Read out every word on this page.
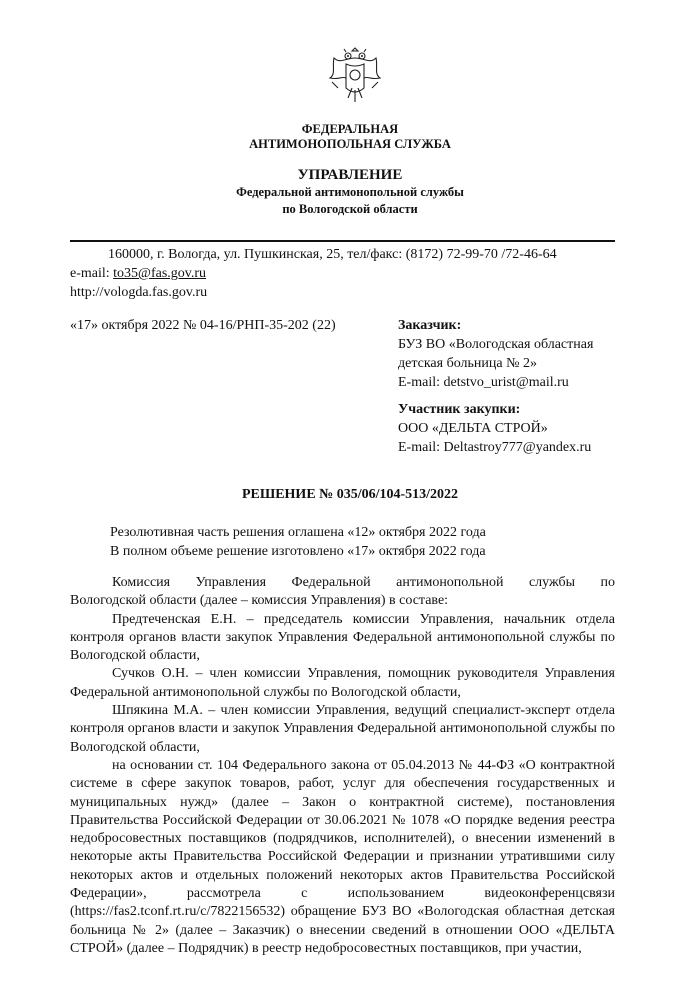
ФЕДЕРАЛЬНАЯ
АНТИМОНОПОЛЬНАЯ СЛУЖБА
УПРАВЛЕНИЕ
Федеральной антимонопольной службы
по Вологодской области
160000, г. Вологда, ул. Пушкинская, 25, тел/факс: (8172) 72-99-70 /72-46-64
e-mail: to35@fas.gov.ru
http://vologda.fas.gov.ru
«17» октября 2022 № 04-16/РНП-35-202 (22)	Заказчик:
БУЗ ВО «Вологодская областная
детская больница № 2»
E-mail: detstvo_urist@mail.ru
Участник закупки:
ООО «ДЕЛЬТА СТРОЙ»
E-mail: Deltastroy777@yandex.ru
РЕШЕНИЕ № 035/06/104-513/2022
Резолютивная часть решения оглашена «12» октября 2022 года
В полном объеме решение изготовлено «17» октября 2022 года

Комиссия Управления Федеральной антимонопольной службы по

Вологодской области (далее – комиссия Управления) в составе:

Предтеченская Е.Н. – председатель комиссии Управления, начальник отдела контроля органов власти закупок Управления Федеральной антимонопольной службы по Вологодской области,

Сучков О.Н. – член комиссии Управления, помощник руководителя Управления Федеральной антимонопольной службы по Вологодской области,

Шпякина М.А. – член комиссии Управления, ведущий специалист-эксперт отдела контроля органов власти и закупок Управления Федеральной антимонопольной службы по Вологодской области,

на основании ст. 104 Федерального закона от 05.04.2013 № 44-ФЗ «О контрактной системе в сфере закупок товаров, работ, услуг для обеспечения государственных и муниципальных нужд» (далее – Закон о контрактной системе), постановления Правительства Российской Федерации от 30.06.2021 № 1078 «О порядке ведения реестра недобросовестных поставщиков (подрядчиков, исполнителей), о внесении изменений в некоторые акты Правительства Российской Федерации и признании утратившими силу некоторых актов и отдельных положений некоторых актов Правительства Российской Федерации», рассмотрела с использованием видеоконференцсвязи (https://fas2.tconf.rt.ru/c/7822156532) обращение БУЗ ВО «Вологодская областная детская больница № 2» (далее – Заказчик) о внесении сведений в отношении ООО «ДЕЛЬТА СТРОЙ» (далее – Подрядчик) в реестр недобросовестных поставщиков, при участии,
